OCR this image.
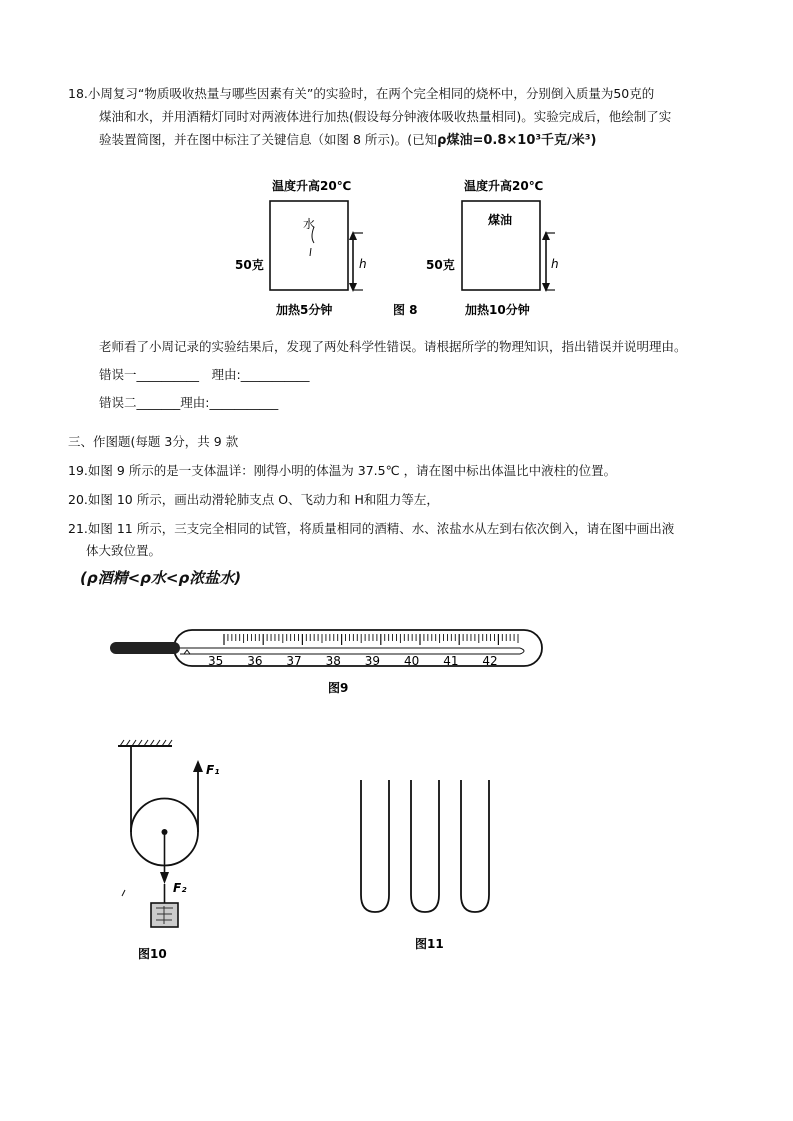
18.小周复习“物质吸收热量与哪些因素有关”的实验时，在两个完全相同的烧杯中，分别倒入质量为50克的
煤油和水，并用酒精灯同时对两液体进行加热(假设每分钟液体吸收热量相同)。实验完成后，他绘制了实
验装置简图，并在图中标注了关键信息（如图 8 所示)。(已知ρ煤油=0.8×10³千克/米³)
温度升高20℃
水
50克	h
加热5分钟	图 8
温度升高20℃
煤油
50克	h
加热10分钟
老师看了小周记录的实验结果后，发现了两处科学性错误。请根据所学的物理知识，指出错误并说明理由。
错误一__________　理由:___________
错误二_______理由:___________
三、作图题(每题 3分，共 9 款
19.如图 9 所示的是一支体温详：刚得小明的体温为 37.5℃ ，请在图中标出体温比中液柱的位置。
20.如图 10 所示，画出动滑轮肺支点 O、飞动力和 H和阻力等左，
21.如图 11 所示，三支完全相同的试管，将质量相同的酒精、水、浓盐水从左到右依次倒入，请在图中画出液
体大致位置。
(ρ酒精<ρ水<ρ浓盐水)
35 36 37 38 39 40 41 42
图9
F₁
F₂
图10
图11
